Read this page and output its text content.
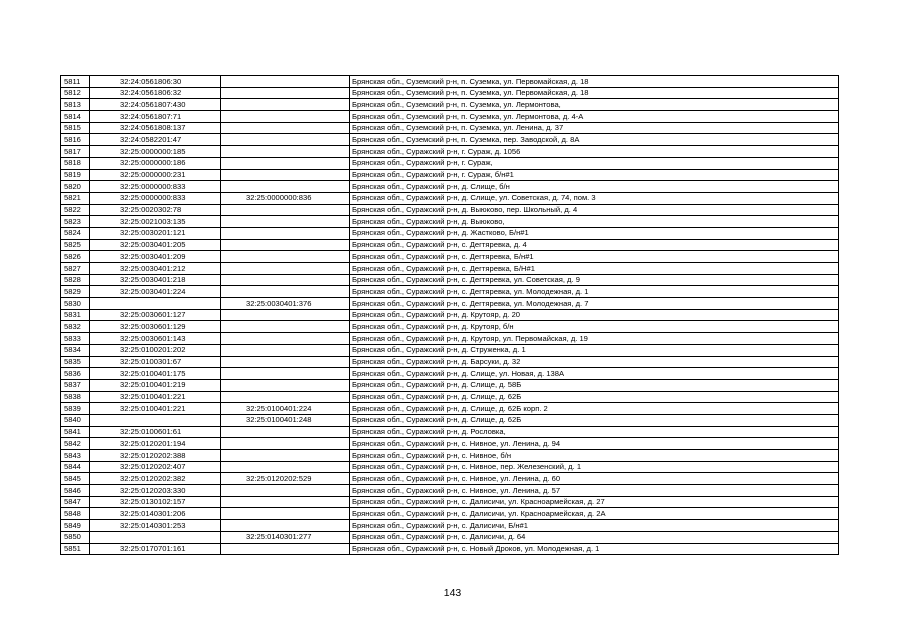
5811	32:24:0561806:30		Брянская обл., Суземский р-н, п. Суземка, ул. Первомайская, д. 18
5812	32:24:0561806:32		Брянская обл., Суземский р-н, п. Суземка, ул. Первомайская, д. 18
5813	32:24:0561807:430		Брянская обл., Суземский р-н, п. Суземка, ул. Лермонтова,
5814	32:24:0561807:71		Брянская обл., Суземский р-н, п. Суземка, ул. Лермонтова, д. 4-А
5815	32:24:0561808:137		Брянская обл., Суземский р-н, п. Суземка, ул. Ленина, д. 37
5816	32:24:0582201:47		Брянская обл., Суземский р-н, п. Суземка, пер. Заводской, д. 8А
5817	32:25:0000000:185		Брянская обл., Суражский р-н, г. Сураж, д. 1056
5818	32:25:0000000:186		Брянская обл., Суражский р-н, г. Сураж,
5819	32:25:0000000:231		Брянская обл., Суражский р-н, г. Сураж, б/н#1
5820	32:25:0000000:833		Брянская обл., Суражский р-н, д. Слище, б/н
5821	32:25:0000000:833	32:25:0000000:836	Брянская обл., Суражский р-н, д. Слище, ул. Советская, д. 74, пом. 3
5822	32:25:0020302:78		Брянская обл., Суражский р-н, д. Выюково, пер. Школьный, д. 4
5823	32:25:0021003:135		Брянская обл., Суражский р-н, д. Выюково,
5824	32:25:0030201:121		Брянская обл., Суражский р-н, д. Жастково, Б/н#1
5825	32:25:0030401:205		Брянская обл., Суражский р-н, с. Дегтяревка, д. 4
5826	32:25:0030401:209		Брянская обл., Суражский р-н, с. Дегтяревка, Б/н#1
5827	32:25:0030401:212		Брянская обл., Суражский р-н, с. Дегтяревка, Б/Н#1
5828	32:25:0030401:218		Брянская обл., Суражский р-н, с. Дегтяревка, ул. Советская, д. 9
5829	32:25:0030401:224		Брянская обл., Суражский р-н, с. Дегтяревка, ул. Молодежная, д. 1
5830		32:25:0030401:376	Брянская обл., Суражский р-н, с. Дегтяревка, ул. Молодежная, д. 7
5831	32:25:0030601:127		Брянская обл., Суражский р-н, д. Крутояр, д. 20
5832	32:25:0030601:129		Брянская обл., Суражский р-н, д. Крутояр, б/н
5833	32:25:0030601:143		Брянская обл., Суражский р-н, д. Крутояр, ул. Первомайская, д. 19
5834	32:25:0100201:202		Брянская обл., Суражский р-н, д. Струженка, д. 1
5835	32:25:0100301:67		Брянская обл., Суражский р-н, д. Барсуки, д. 32
5836	32:25:0100401:175		Брянская обл., Суражский р-н, д. Слище, ул. Новая, д. 138А
5837	32:25:0100401:219		Брянская обл., Суражский р-н, д. Слище, д. 58Б
5838	32:25:0100401:221		Брянская обл., Суражский р-н, д. Слище, д. 62Б
5839	32:25:0100401:221	32:25:0100401:224	Брянская обл., Суражский р-н, д. Слище, д. 62Б корп. 2
5840		32:25:0100401:248	Брянская обл., Суражский р-н, д. Слище, д. 62Б
5841	32:25:0100601:61		Брянская обл., Суражский р-н, д. Рословка,
5842	32:25:0120201:194		Брянская обл., Суражский р-н, с. Нивное, ул. Ленина, д. 94
5843	32:25:0120202:388		Брянская обл., Суражский р-н, с. Нивное, б/н
5844	32:25:0120202:407		Брянская обл., Суражский р-н, с. Нивное, пер. Железенский, д. 1
5845	32:25:0120202:382	32:25:0120202:529	Брянская обл., Суражский р-н, с. Нивное, ул. Ленина, д. 60
5846	32:25:0120203:330		Брянская обл., Суражский р-н, с. Нивное, ул. Ленина, д. 57
5847	32:25:0130102:157		Брянская обл., Суражский р-н, с. Далисичи, ул. Красноармейская, д. 27
5848	32:25:0140301:206		Брянская обл., Суражский р-н, с. Далисичи, ул. Красноармейская, д. 2А
5849	32:25:0140301:253		Брянская обл., Суражский р-н, с. Далисичи, Б/н#1
5850		32:25:0140301:277	Брянская обл., Суражский р-н, с. Далисичи, д. 64
5851	32:25:0170701:161		Брянская обл., Суражский р-н, с. Новый Дроков, ул. Молодежная, д. 1
143
